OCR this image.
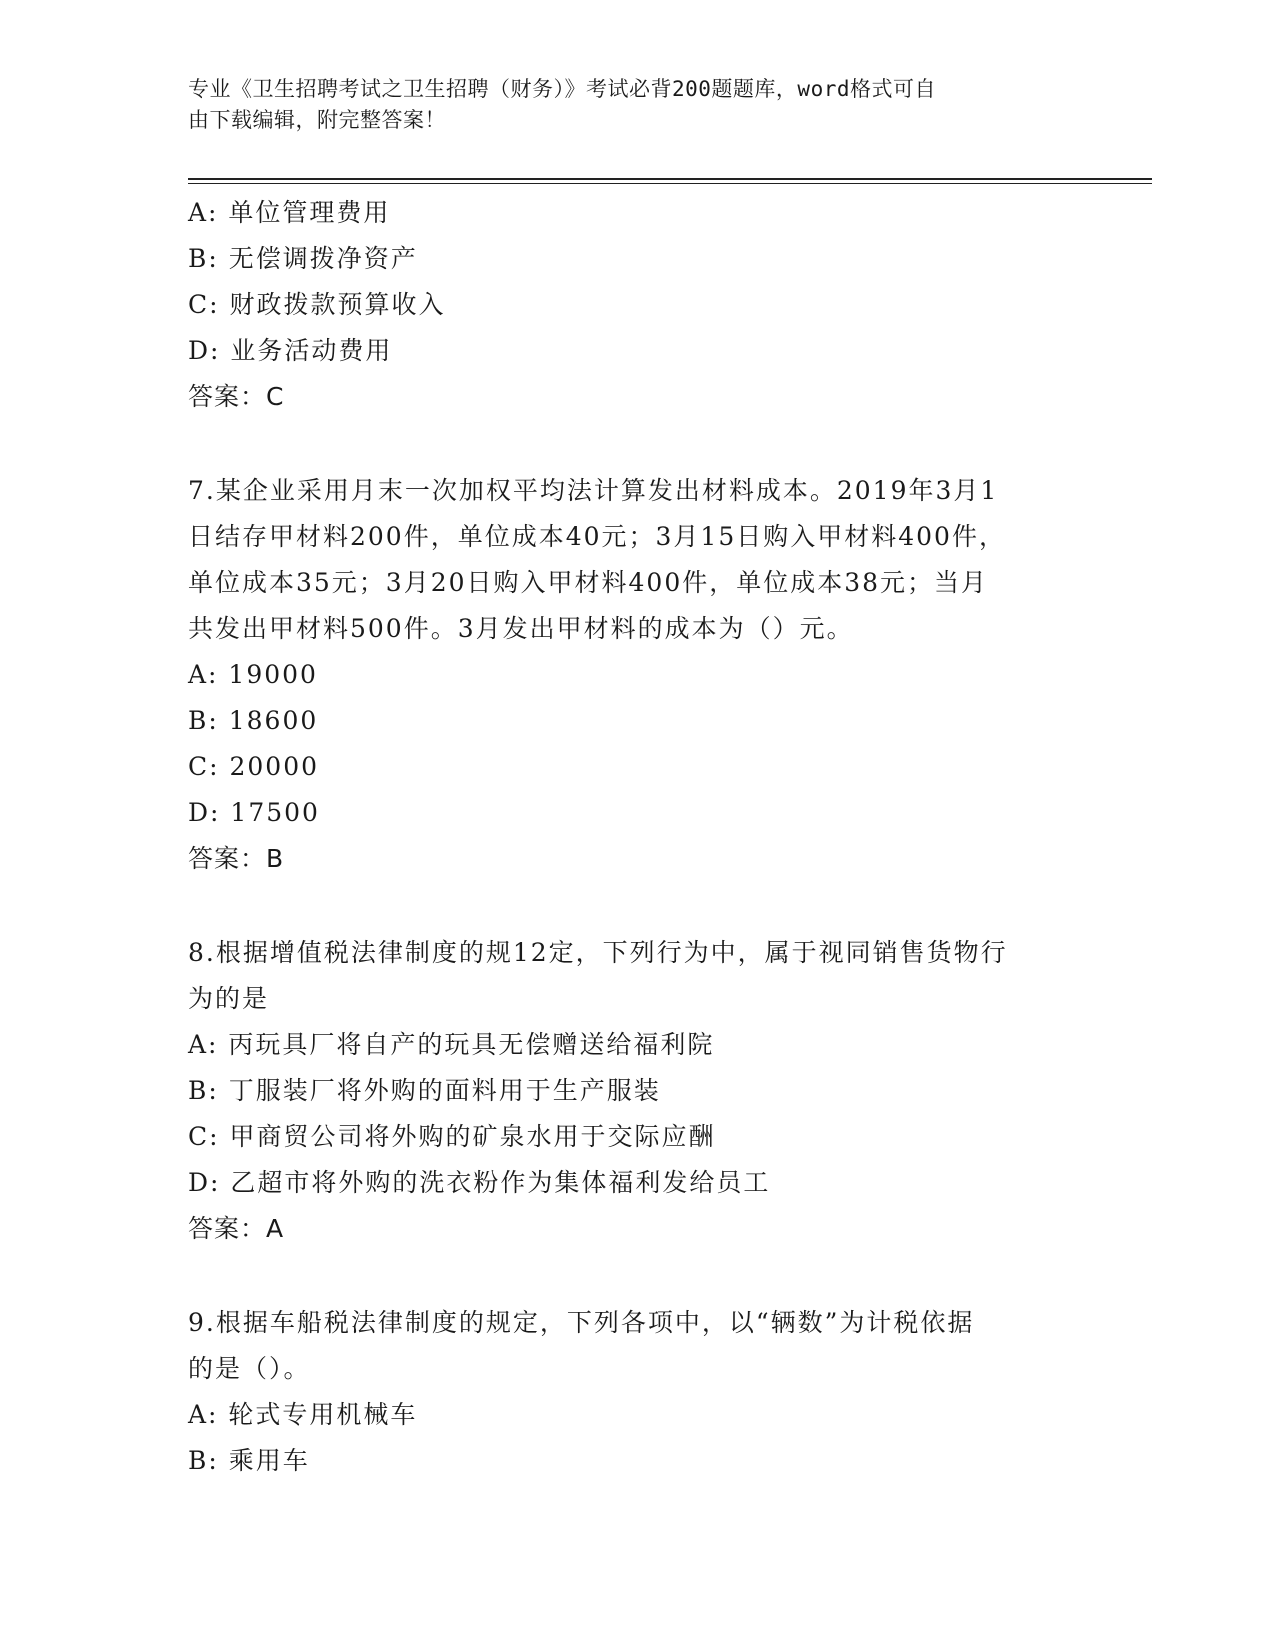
专业《卫生招聘考试之卫生招聘（财务）》考试必背200题题库，word格式可自
由下载编辑，附完整答案！
A: 单位管理费用
B: 无偿调拨净资产
C: 财政拨款预算收入
D: 业务活动费用
答案：C
7.某企业采用月末一次加权平均法计算发出材料成本。2019年3月1
日结存甲材料200件，单位成本40元；3月15日购入甲材料400件，
单位成本35元；3月20日购入甲材料400件，单位成本38元；当月
共发出甲材料500件。3月发出甲材料的成本为（）元。
A: 19000
B: 18600
C: 20000
D: 17500
答案：B
8.根据增值税法律制度的规12定，下列行为中，属于视同销售货物行
为的是
A: 丙玩具厂将自产的玩具无偿赠送给福利院
B: 丁服装厂将外购的面料用于生产服装
C: 甲商贸公司将外购的矿泉水用于交际应酬
D: 乙超市将外购的洗衣粉作为集体福利发给员工
答案：A
9.根据车船税法律制度的规定，下列各项中，以“辆数”为计税依据
的是（）。
A: 轮式专用机械车
B: 乘用车
